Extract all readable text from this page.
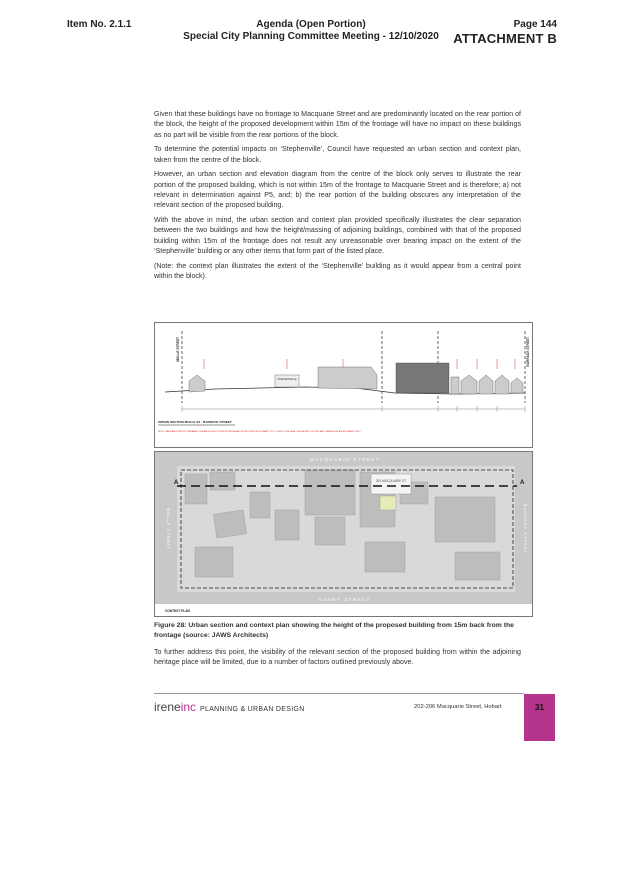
Item No. 2.1.1	Agenda (Open Portion)
Special City Planning Committee Meeting - 12/10/2020
Page 144
ATTACHMENT B

Given that these buildings have no frontage to Macquarie Street and are predominantly located on the rear portion of the block, the height of the proposed development within 15m of the frontage will have no impact on these buildings as no part will be visible from the rear portions of the block.

To determine the potential impacts on ‘Stephenville’, Council have requested an urban section and context plan, taken from the centre of the block.

However, an urban section and elevation diagram from the centre of the block only serves to illustrate the rear portion of the proposed building, which is not within 15m of the frontage to Macquarie Street and is therefore; a) not relevant in determination against P5, and; b) the rear portion of the building obscures any interpretation of the relevant section of the proposed building.

With the above in mind, the urban section and context plan provided specifically illustrates the clear separation between the two buildings and how the height/massing of adjoining buildings, combined with that of the proposed building within 15m of the frontage does not result any unreasonable over bearing impact on the extent of the ‘Stephenville’ building or any other items that form part of the listed place.

(Note: the context plan illustrates the extent of the ‘Stephenville’ building as it would appear from a central point within the block).

MOLLE STREET	BARRACK STREET
STEPHENVILLE
URBAN SECTION MOLLE ST - BARRACK STREET
NOTE: JAWS ARCHITECTS PREPARED THE ABOVE SECTION WITH INFORMATION PROVIDED BY HOBART CITY COUNCIL GIS DATA. THE HEIGHTS NOTED ARE THEREFORE APPROXIMATE ONLY.
MACQUARIE STREET
DAVEY STREET
MOLLE STREET	BARRACK STREET
200 MACQUARIE ST
A	A
CONTEXT PLAN
Figure 28: Urban section and context plan showing the height of the proposed building from 15m back from the frontage (source: JAWS Architects)
To further address this point, the visibility of the relevant section of the proposed building from within the adjoining heritage place will be limited, due to a number of factors outlined previously above.
ireneinc PLANNING & URBAN DESIGN	202-206 Macquarie Street, Hobart	31
